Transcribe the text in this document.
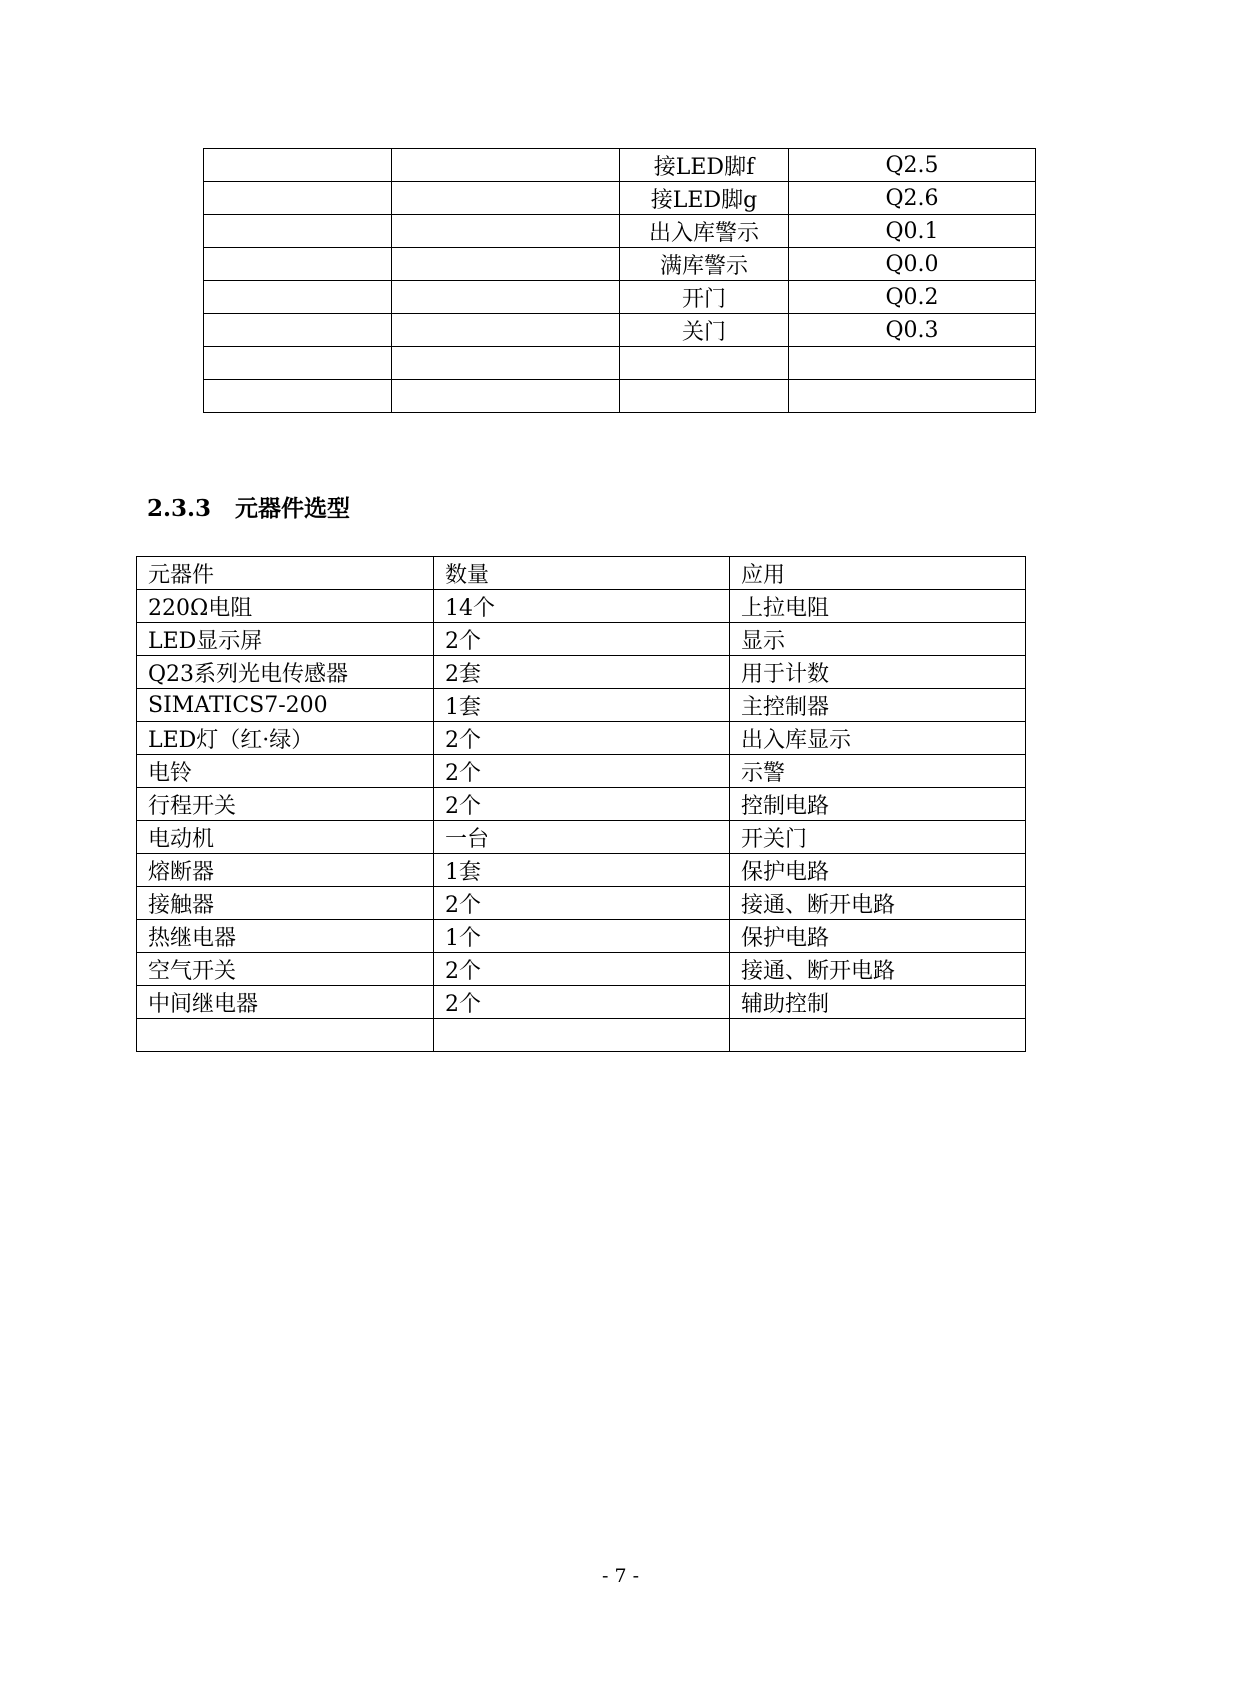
		接LED脚f	Q2.5
		接LED脚g	Q2.6
		出入库警示	Q0.1
		满库警示	Q0.0
		开门	Q0.2
		关门	Q0.3

2.3.3 元器件选型
元器件	数量	应用
220Ω电阻	14个	上拉电阻
LED显示屏	2个	显示
Q23系列光电传感器	2套	用于计数
SIMATICS7-200	1套	主控制器
LED灯（红·绿）	2个	出入库显示
电铃	2个	示警
行程开关	2个	控制电路
电动机	一台	开关门
熔断器	1套	保护电路
接触器	2个	接通、断开电路
热继电器	1个	保护电路
空气开关	2个	接通、断开电路
中间继电器	2个	辅助控制

- 7 -
